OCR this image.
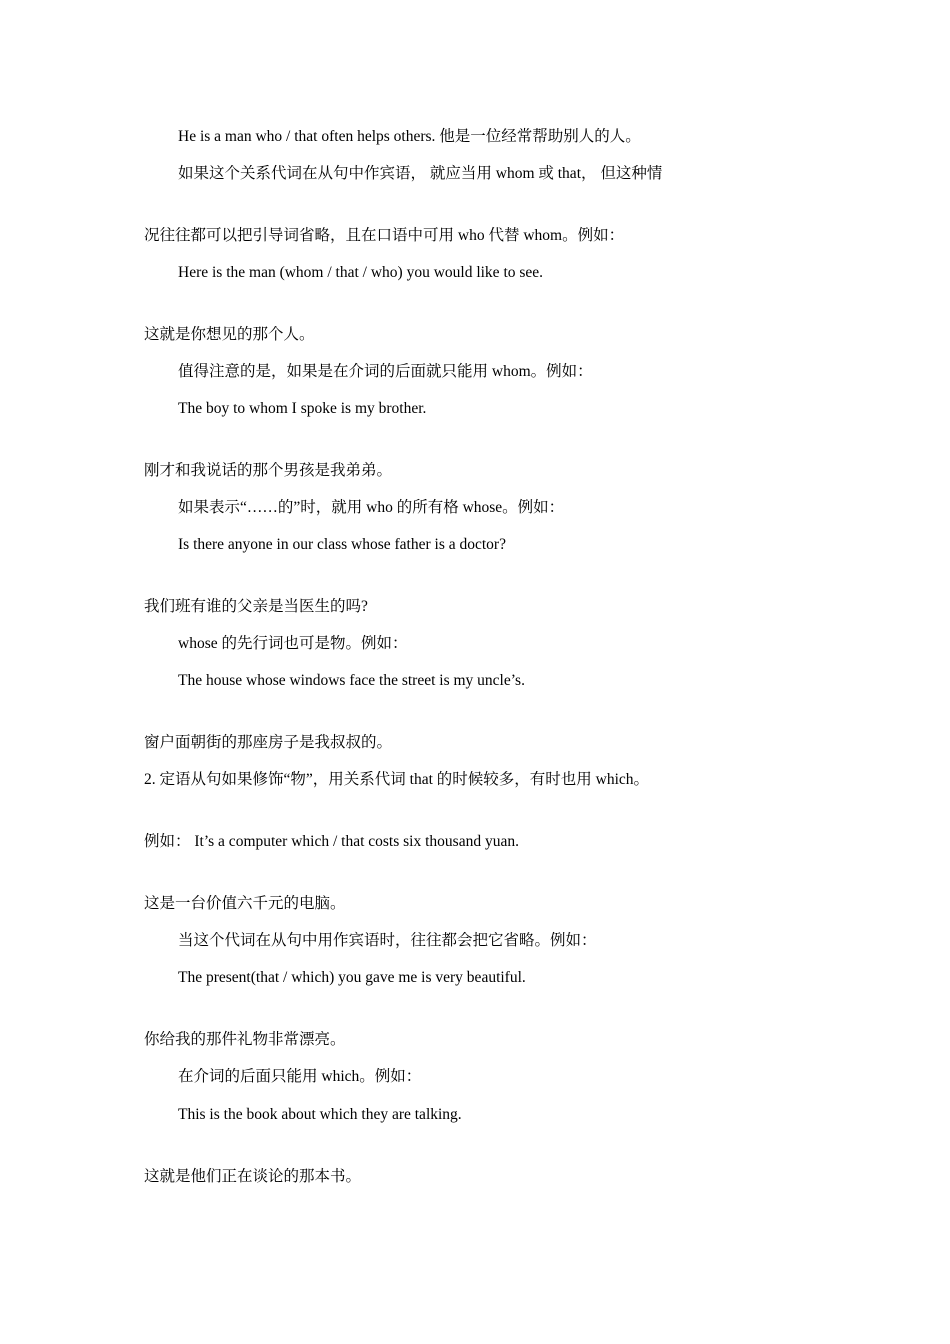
He is a man who / that often helps others. 他是一位经常帮助别人的人。
如果这个关系代词在从句中作宾语， 就应当用 whom 或 that， 但这种情
况往往都可以把引导词省略，且在口语中可用 who 代替 whom。例如：
Here is the man (whom / that / who) you would like to see.
这就是你想见的那个人。
值得注意的是，如果是在介词的后面就只能用 whom。例如：
The boy to whom I spoke is my brother.
刚才和我说话的那个男孩是我弟弟。
如果表示“……的”时，就用 who 的所有格 whose。例如：
Is there anyone in our class whose father is a doctor?
我们班有谁的父亲是当医生的吗?
whose 的先行词也可是物。例如：
The house whose windows face the street is my uncle’s.
窗户面朝街的那座房子是我叔叔的。
2. 定语从句如果修饰“物”，用关系代词 that 的时候较多，有时也用 which。
例如： It’s a computer which / that costs six thousand yuan.
这是一台价值六千元的电脑。
当这个代词在从句中用作宾语时，往往都会把它省略。例如：
The present(that / which) you gave me is very beautiful.
你给我的那件礼物非常漂亮。
在介词的后面只能用 which。例如：
This is the book about which they are talking.
这就是他们正在谈论的那本书。
